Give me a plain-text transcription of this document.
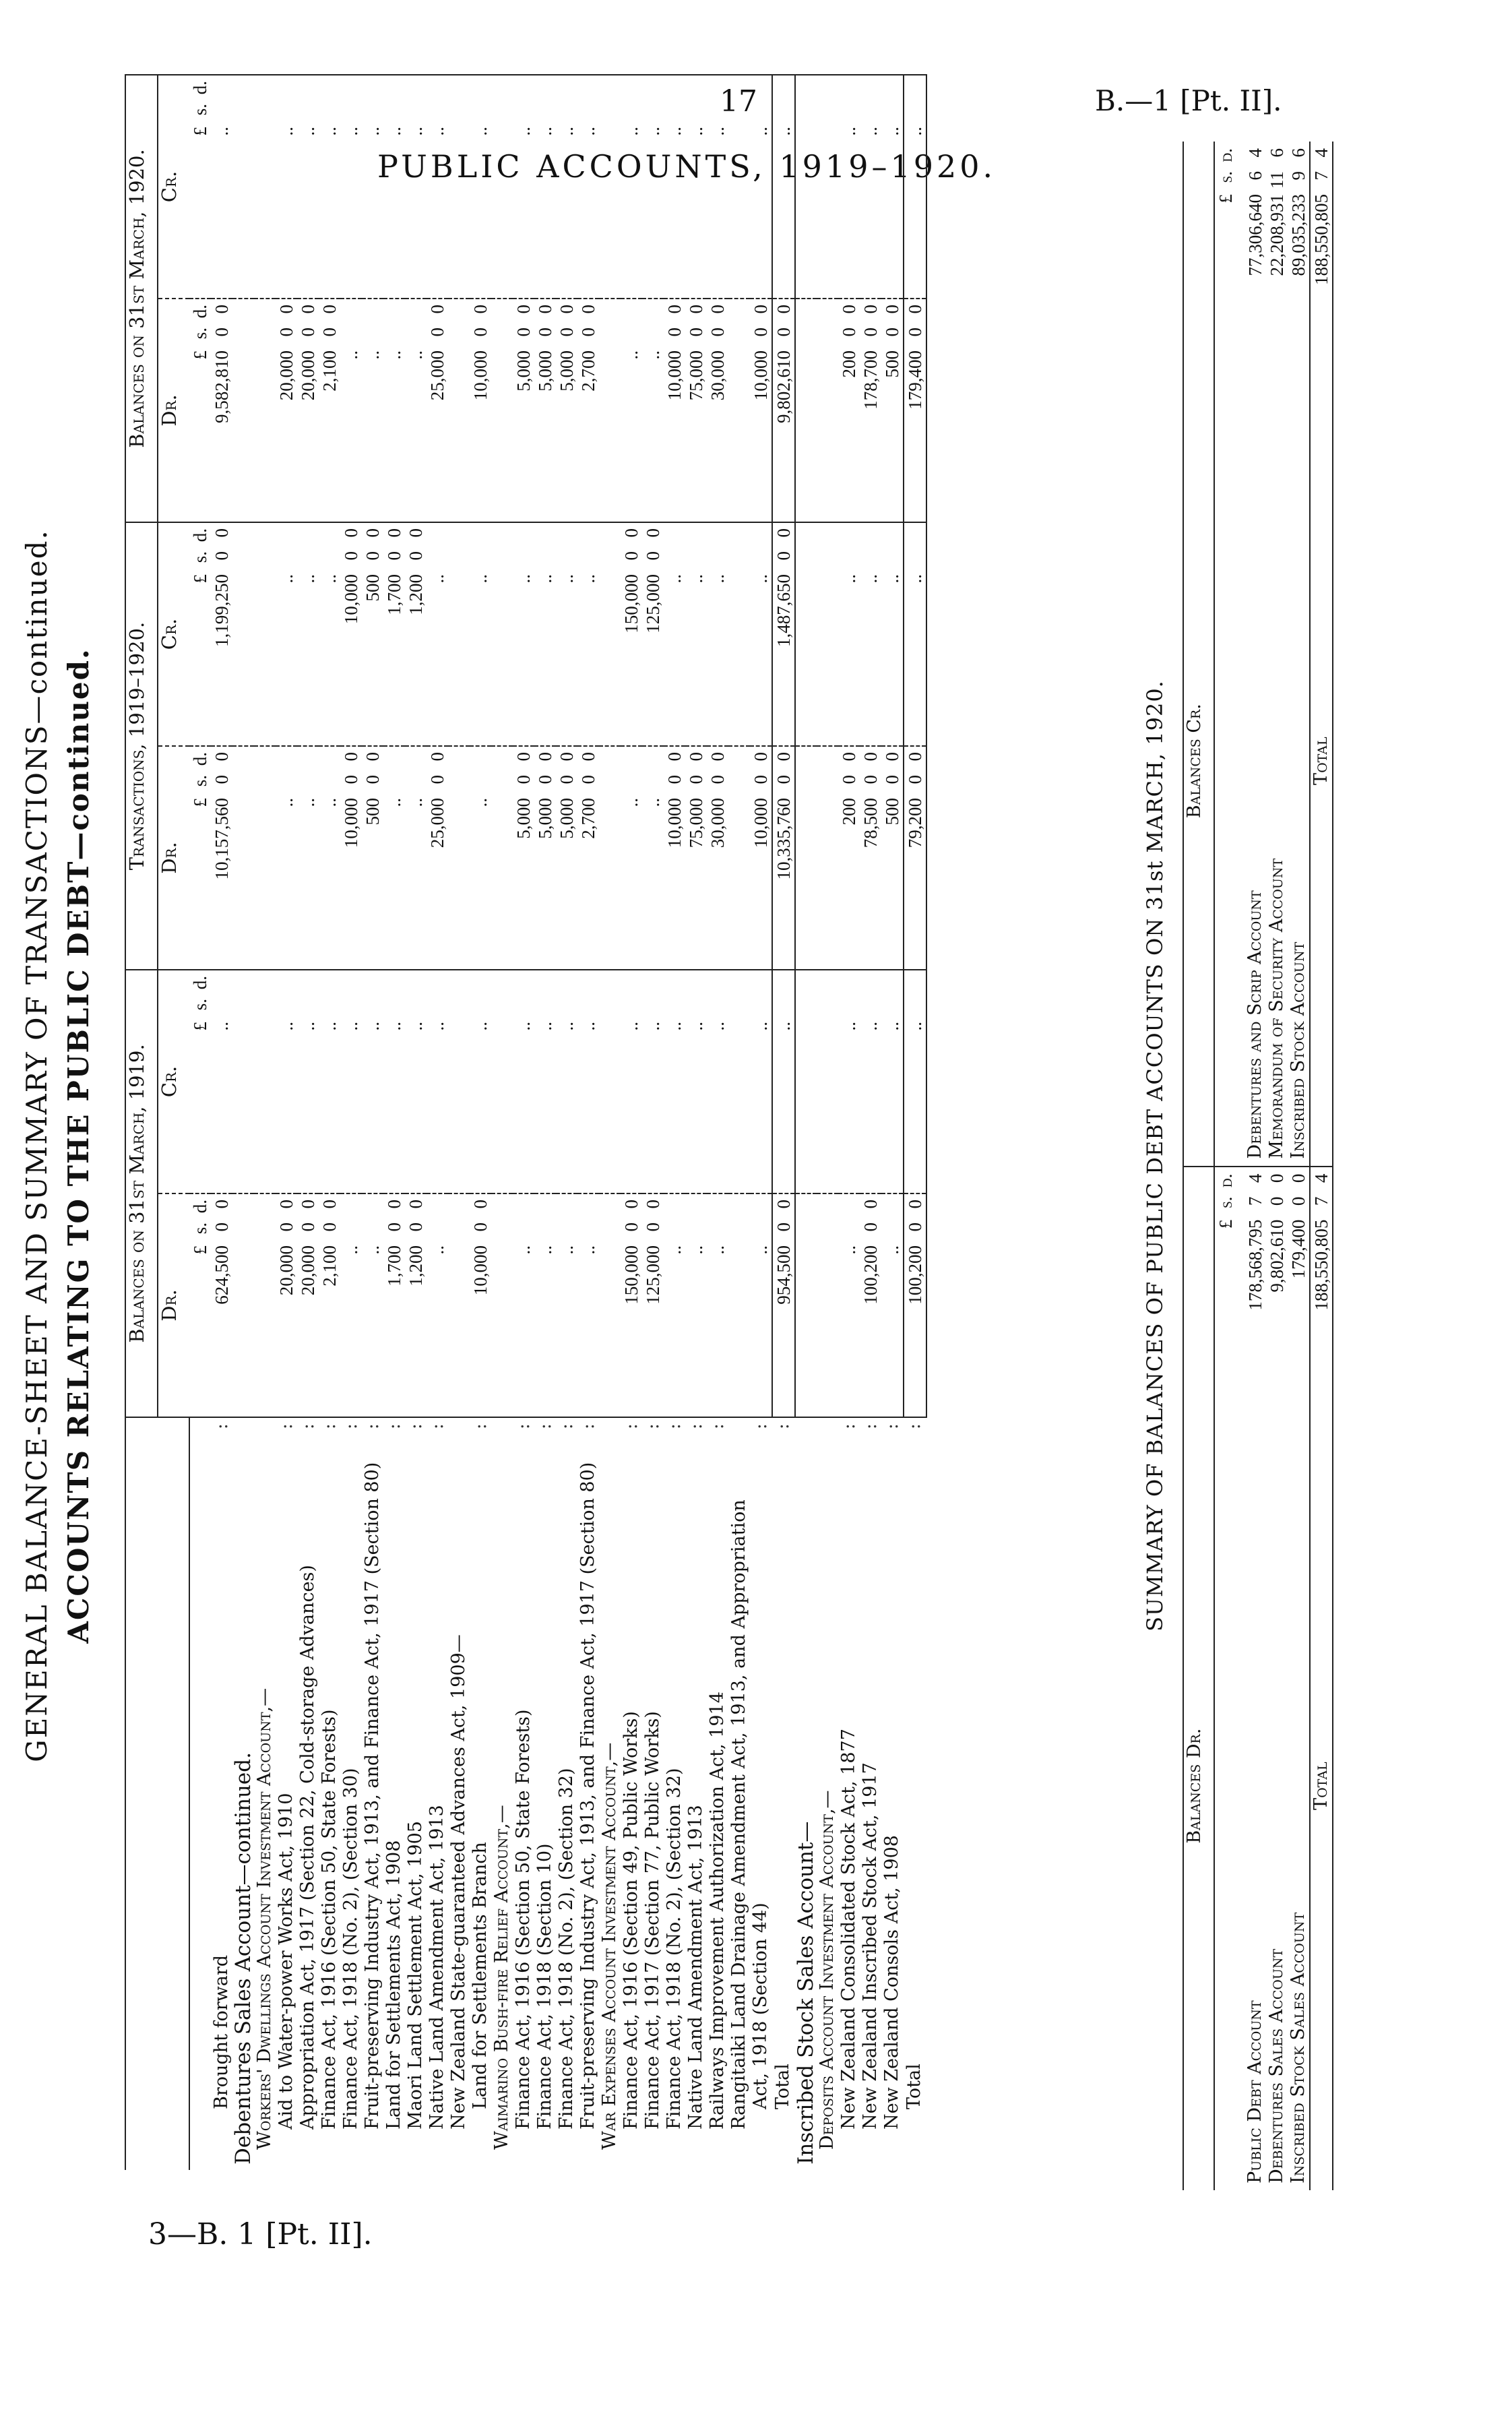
17	B.—1 [Pt. II].
PUBLIC ACCOUNTS, 1919–1920.
3—B. 1 [Pt. II].
GENERAL BALANCE-SHEET AND SUMMARY OF TRANSACTIONS—continued. ACCOUNTS RELATING TO THE PUBLIC DEBT—continued.
	Balances on 31st March, 1919.		Transactions, 1919–1920.		Balances on 31st March, 1920.	
	Dr.	Cr.	Dr.	Cr.	Dr.	Cr.
	£s.d.	£s.d.	£s.d.	£s.d.	£s.d.	£s.d.
Brought forward
:	624,50000	..	10,157,56000	1,199,25000	9,582,81000	..
Debentures Sales Account—continued.						
Workers' Dwellings Account Investment Account,—						
Aid to Water-power Works Act, 1910
:	20,00000	..	..	..	20,00000	..
Appropriation Act, 1917 (Section 22, Cold-storage Advances)
:	20,00000	..	..	..	20,00000	..
Finance Act, 1916 (Section 50, State Forests)
:	2,10000	..	..	..	2,10000	..
Finance Act, 1918 (No. 2), (Section 30)
:	..	..	10,00000	10,00000	..	..
Fruit-preserving Industry Act, 1913, and Finance Act, 1917 (Section 80)
:	..	..	50000	50000	..	..
Land for Settlements Act, 1908
:	1,70000	..	..	1,70000	..	..
Maori Land Settlement Act, 1905
:	1,20000	..	..	1,20000	..	..
Native Land Amendment Act, 1913
:	..	..	25,00000	..	25,00000	..
New Zealand State-guaranteed Advances Act, 1909—						
Land for Settlements Branch
:	10,00000	..	..	..	10,00000	..
Waimarino Bush-fire Relief Account,—						
Finance Act, 1916 (Section 50, State Forests)
:	..	..	5,00000	..	5,00000	..
Finance Act, 1918 (Section 10)
:	..	..	5,00000	..	5,00000	..
Finance Act, 1918 (No. 2), (Section 32)
:	..	..	5,00000	..	5,00000	..
Fruit-preserving Industry Act, 1913, and Finance Act, 1917 (Section 80)
:	..	..	2,70000	..	2,70000	..
War Expenses Account Investment Account,—						
Finance Act, 1916 (Section 49, Public Works)
:	150,00000	..	..	150,00000	..	..
Finance Act, 1917 (Section 77, Public Works)
:	125,00000	..	..	125,00000	..	..
Finance Act, 1918 (No. 2), (Section 32)
:	..	..	10,00000	..	10,00000	..
Native Land Amendment Act, 1913
:	..	..	75,00000	..	75,00000	..
Railways Improvement Authorization Act, 1914
:	..	..	30,00000	..	30,00000	..
Rangitaiki Land Drainage Amendment Act, 1913, and Appropriation						
Act, 1918 (Section 44)
:	..	..	10,00000	..	10,00000	..
Total
:	954,50000	..	10,335,76000	1,487,65000	9,802,61000	..
Inscribed Stock Sales Account—						
Deposits Account Investment Account,—						
New Zealand Consolidated Stock Act, 1877
:	..	..	20000	..	20000	..
New Zealand Inscribed Stock Act, 1917
:	100,20000	..	78,50000	..	178,70000	..
New Zealand Consols Act, 1908
:	..	..	50000	..	50000	..
Total
:	100,20000	..	79,20000	..	179,40000	..
SUMMARY OF BALANCES OF PUBLIC DEBT ACCOUNTS ON 31st MARCH, 1920.
Balances Dr.		Balances Cr.	
	£s.d.		£s.d.
Public Debt Account	178,568,79574	Debentures and Scrip Account	77,306,64064
Debentures Sales Account	9,802,61000	Memorandum of Security Account	22,208,931116
Inscribed Stock Sales Account	179,40000	Inscribed Stock Account	89,035,23396
Total	188,550,80574	Total	188,550,80574
